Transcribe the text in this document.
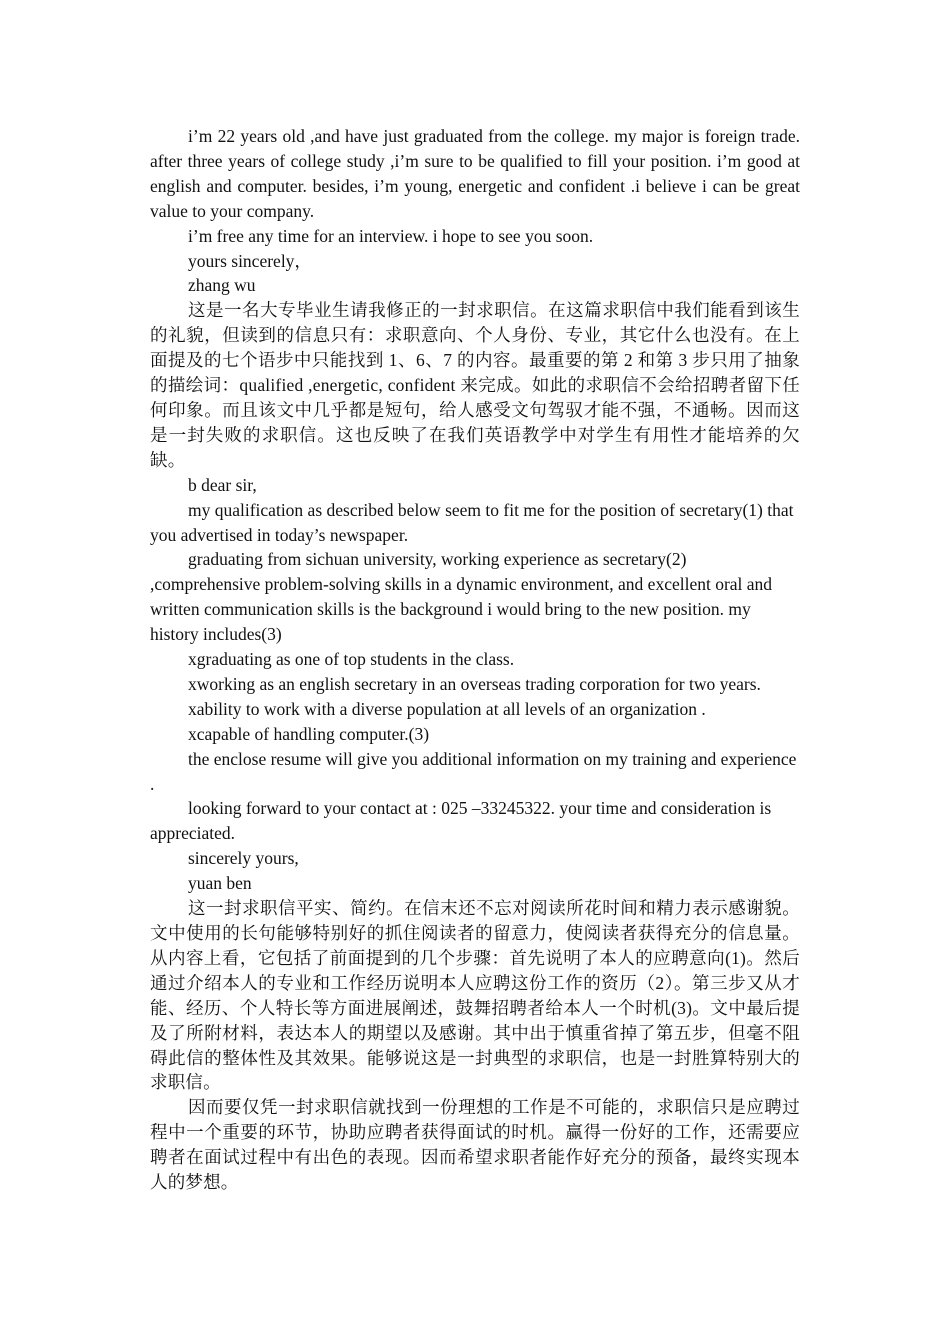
i’m 22 years old ,and have just graduated from the college. my major is foreign trade. after three years of college study ,i’m sure to be qualified to fill your position. i’m good at english and computer. besides, i’m young, energetic and confident .i believe i can be great value to your company.

i’m free any time for an interview. i hope to see you soon.

yours sincerely，

zhang wu

这是一名大专毕业生请我修正的一封求职信。在这篇求职信中我们能看到该生的礼貌，但读到的信息只有：求职意向、个人身份、专业，其它什么也没有。在上面提及的七个语步中只能找到 1、6、7 的内容。最重要的第 2 和第 3 步只用了抽象的描绘词：qualified ,energetic, confident 来完成。如此的求职信不会给招聘者留下任何印象。而且该文中几乎都是短句，给人感受文句驾驭才能不强，不通畅。因而这是一封失败的求职信。这也反映了在我们英语教学中对学生有用性才能培养的欠缺。

b dear sir,

my qualification as described below seem to fit me for the position of secretary(1) that you advertised in today’s newspaper.

graduating from sichuan university, working experience as secretary(2) ,comprehensive problem-solving skills in a dynamic environment, and excellent oral and written communication skills is the background i would bring to the new position. my history includes(3)

xgraduating as one of top students in the class.

xworking as an english secretary in an overseas trading corporation for two years.

xability to work with a diverse population at all levels of an organization .

xcapable of handling computer.(3)

the enclose resume will give you additional information on my training and experience .

looking forward to your contact at : 025 –33245322. your time and consideration is appreciated.

sincerely yours,

yuan ben

这一封求职信平实、简约。在信末还不忘对阅读所花时间和精力表示感谢貌。文中使用的长句能够特别好的抓住阅读者的留意力，使阅读者获得充分的信息量。从内容上看，它包括了前面提到的几个步骤：首先说明了本人的应聘意向(1)。然后通过介绍本人的专业和工作经历说明本人应聘这份工作的资历（2）。第三步又从才能、经历、个人特长等方面进展阐述，鼓舞招聘者给本人一个时机(3)。文中最后提及了所附材料，表达本人的期望以及感谢。其中出于慎重省掉了第五步，但毫不阻碍此信的整体性及其效果。能够说这是一封典型的求职信，也是一封胜算特别大的求职信。

因而要仅凭一封求职信就找到一份理想的工作是不可能的，求职信只是应聘过程中一个重要的环节，协助应聘者获得面试的时机。赢得一份好的工作，还需要应聘者在面试过程中有出色的表现。因而希望求职者能作好充分的预备，最终实现本人的梦想。
